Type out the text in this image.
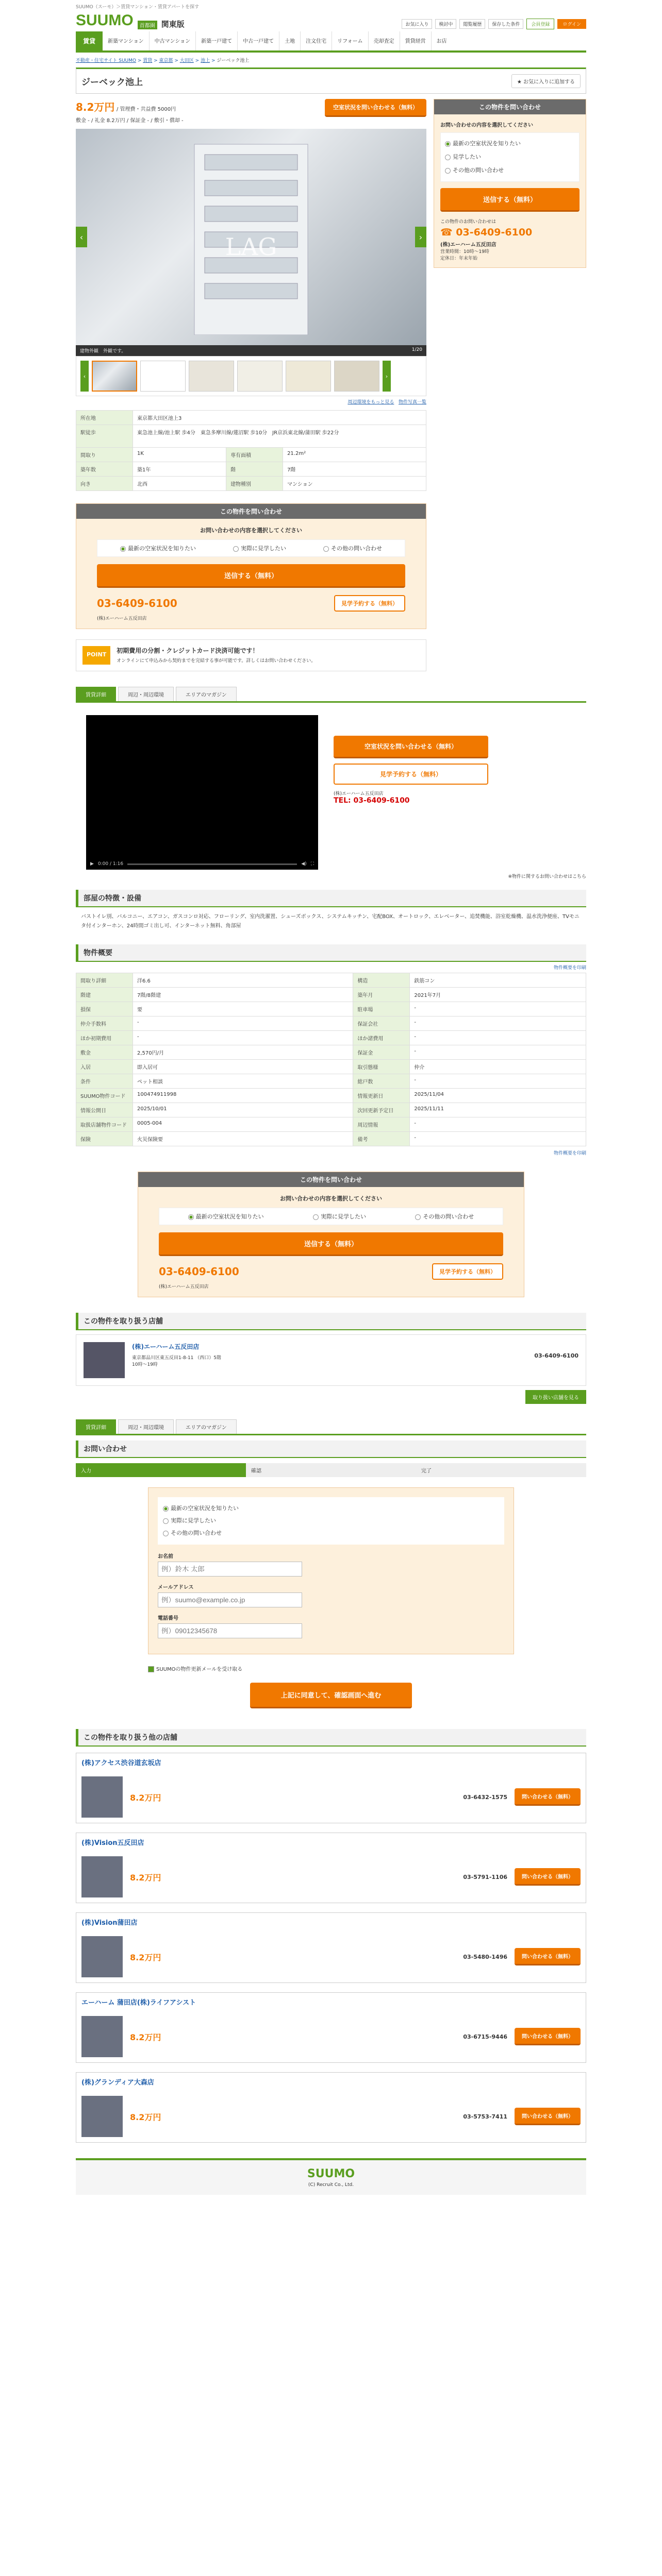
SUUMO（スーモ）＞賃貸マンション・賃貸アパートを探す
SUUMO	首都圏 関東版	お気に入り	検討中	閲覧履歴	保存した条件	会員登録	ログイン
賃貸	新築マンション	中古マンション	新築一戸建て	中古一戸建て	土地	注文住宅	リフォーム	売却査定	賃貸経営	お店
不動産・住宅サイト SUUMO > 賃貸 > 東京都 > 大田区 > 池上 > ジーベック池上
ジーベック池上	★ お気に入りに追加する
8.2万円 / 管理費・共益費 5000円
敷金 - / 礼金 8.2万円 / 保証金 - / 敷引・償却 -
空室状況を問い合わせる（無料）
LAG
‹	›
建物外観　外観です。	1/20
‹	›
周辺環境をもっと見る 物件写真一覧
所在地	東京都大田区池上3		
駅徒歩	東急池上線/池上駅 歩4分　東急多摩川線/蓮沼駅 歩10分　JR京浜東北線/蒲田駅 歩22分		
間取り	1K	専有面積	21.2m²
築年数	築1年	階	7階
向き	北西	建物種別	マンション
この物件を問い合わせ
お問い合わせの内容を選択してください
最新の空室状況を知りたい	実際に見学したい	その他の問い合わせ
送信する（無料）
03-6409-6100	見学予約する（無料）
(株)エーハーム五反田店
POINT
初期費用の分割・クレジットカード決済可能です！
オンラインにて申込みから契約までを完結する事が可能です。詳しくはお問い合わせください。
この物件を問い合わせ
お問い合わせの内容を選択してください
最新の空室状況を知りたい
見学したい
その他の問い合わせ
送信する（無料）
この物件のお問い合わせは
☎ 03-6409-6100
(株)エーハーム五反田店
営業時間：10時〜19時
定休日：年末年始
賃貸詳細	周辺・周辺環境	エリアのマガジン
▶ 0:00 / 1:16	◀) ⛶
空室状況を問い合わせる（無料）
見学予約する（無料）
(株)エーハーム五反田店
TEL: 03-6409-6100
※物件に関するお問い合わせはこちら
部屋の特徴・設備
バストイレ別、バルコニー、エアコン、ガスコンロ対応、フローリング、室内洗濯置、シューズボックス、システムキッチン、宅配BOX、オートロック、エレベーター、追焚機能、浴室乾燥機、温水洗浄便座、TVモニタ付インターホン、24時間ゴミ出し可、インターネット無料、角部屋
物件概要
物件概要を印刷
間取り詳細	洋6.6	構造	鉄筋コン
階建	7階/8階建	築年月	2021年7月
損保	要	駐車場	-
仲介手数料	-	保証会社	-
ほか初期費用	-	ほか諸費用	-
敷金	2,570円/月	保証金	-
入居	即入居可	取引態様	仲介
条件	ペット相談	総戸数	-
SUUMO物件コード	100474911998	情報更新日	2025/11/04
情報公開日	2025/10/01	次回更新予定日	2025/11/11
取扱店舗物件コード	0005-004	周辺情報	-
保険	火災保険要	備考	-
物件概要を印刷
この物件を問い合わせ
お問い合わせの内容を選択してください
最新の空室状況を知りたい	実際に見学したい	その他の問い合わせ
送信する（無料）
03-6409-6100	見学予約する（無料）
(株)エーハーム五反田店
この物件を取り扱う店舗
(株)エーハーム五反田店
東京都品川区東五反田1-8-11 （西口）5階
10時〜19時
03-6409-6100
取り扱い店舗を見る
賃貸詳細	周辺・周辺環境	エリアのマガジン
お問い合わせ
入力	確認	完了
最新の空室状況を知りたい
実際に見学したい
その他の問い合わせ
お名前
例）鈴木 太郎
メールアドレス
例）suumo@example.co.jp
電話番号
例）09012345678
SUUMOの物件更新メールを受け取る
上記に同意して、確認画面へ進む
この物件を取り扱う他の店舗
(株)アクセス渋谷道玄坂店
8.2万円	03-6432-1575	問い合わせる（無料）
(株)Vision五反田店
8.2万円	03-5791-1106	問い合わせる（無料）
(株)Vision蒲田店
8.2万円	03-5480-1496	問い合わせる（無料）
エーハーム 蒲田店(株)ライフアシスト
8.2万円	03-6715-9446	問い合わせる（無料）
(株)グランディア大森店
8.2万円	03-5753-7411	問い合わせる（無料）
SUUMO
(C) Recruit Co., Ltd.
